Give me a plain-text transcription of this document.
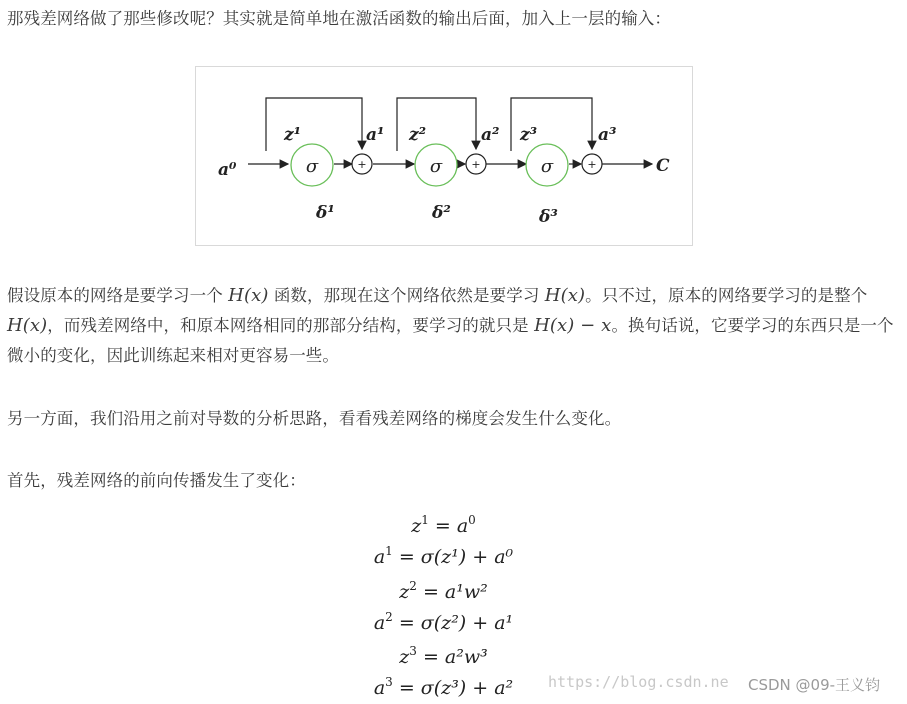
那残差网络做了那些修改呢？其实就是简单地在激活函数的输出后面，加入上一层的输入：

σ	σ	σ
+	+	+
a⁰	C
z¹	a¹
δ¹
z²	a²
δ²
z³	a³
δ³

假设原本的网络是要学习一个 H(x) 函数，那现在这个网络依然是要学习 H(x)。只不过，原本的网络要学习的是整个 H(x)，而残差网络中，和原本网络相同的那部分结构，要学习的就只是 H(x) − x。换句话说，它要学习的东西只是一个微小的变化，因此训练起来相对更容易一些。

另一方面，我们沿用之前对导数的分析思路，看看残差网络的梯度会发生什么变化。

首先，残差网络的前向传播发生了变化：

$z^1 = a^0$
$a^1 = \sigma(z^1) + a^0$
$z^2 = a^1w^2$
$a^2 = \sigma(z^2) + a^1$
$z^3 = a^2w^3$
$a^3 = \sigma(z^3) + a^2$	https://blog.csdn.ne CSDN @09-王义钧
